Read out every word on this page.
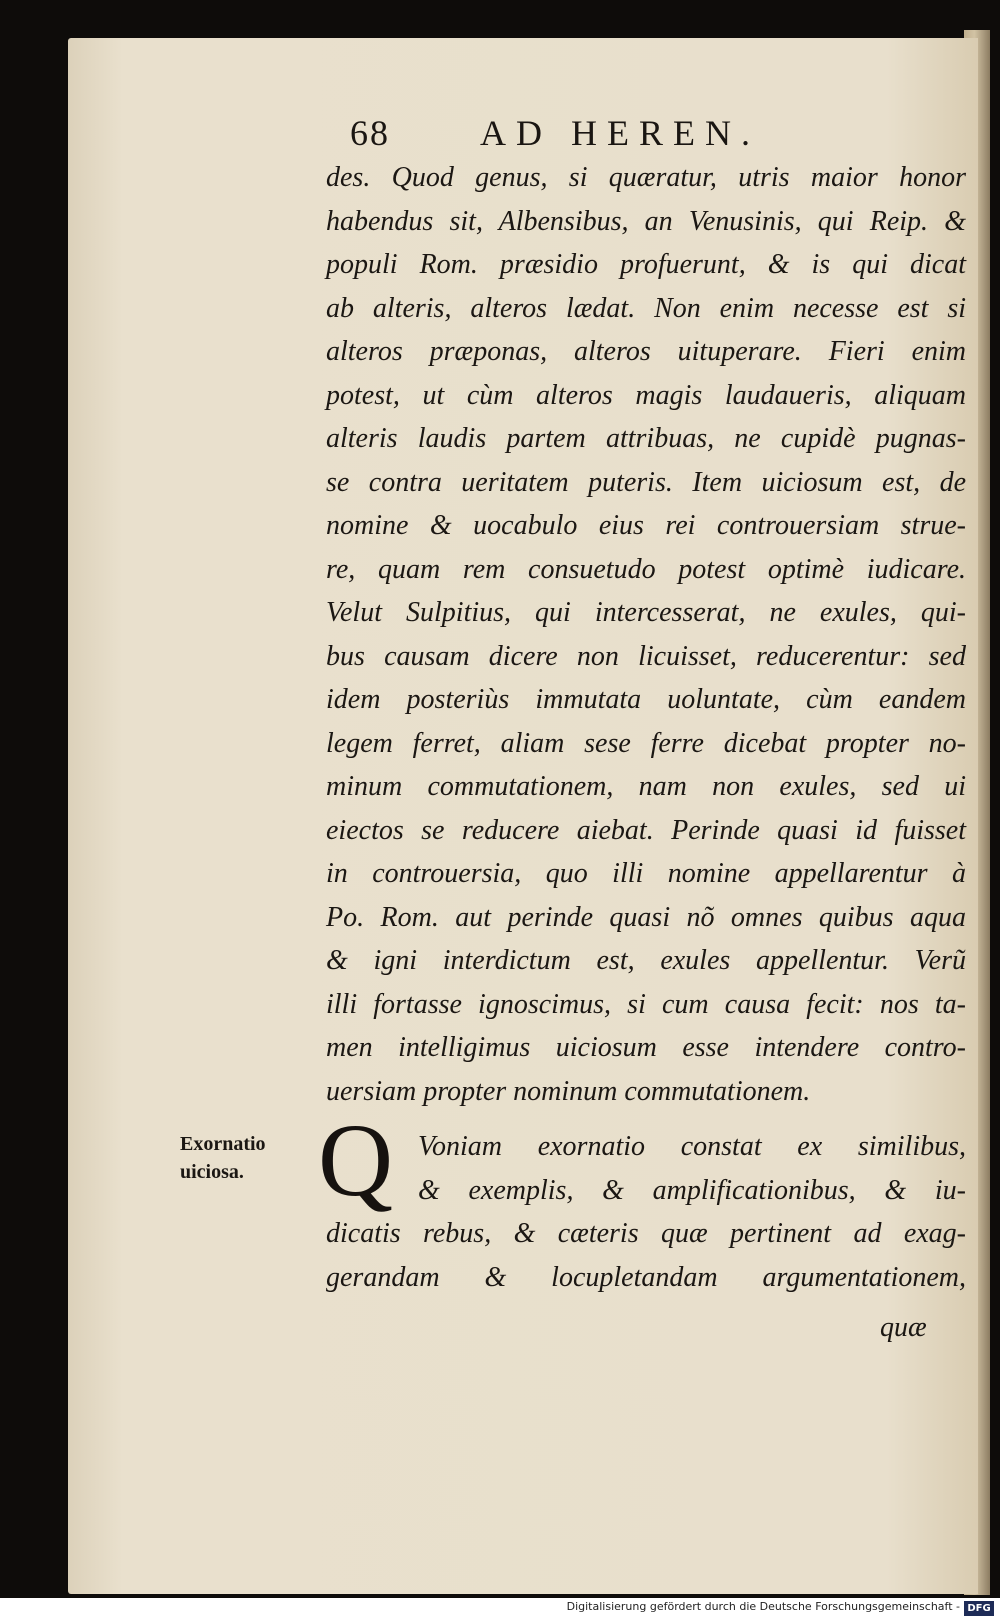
68	AD HEREN.
des. Quod genus, si quæratur, utris maior honor
habendus sit, Albensibus, an Venusinis, qui Reip. &
populi Rom. præsidio profuerunt, & is qui dicat
ab alteris, alteros lædat. Non enim necesse est si
alteros præponas, alteros uituperare. Fieri enim
potest, ut cùm alteros magis laudaueris, aliquam
alteris laudis partem attribuas, ne cupidè pugnas-
se contra ueritatem puteris. Item uiciosum est, de
nomine & uocabulo eius rei controuersiam strue-
re, quam rem consuetudo potest optimè iudicare.
Velut Sulpitius, qui intercesserat, ne exules, qui-
bus causam dicere non licuisset, reducerentur: sed
idem posteriùs immutata uoluntate, cùm eandem
legem ferret, aliam sese ferre dicebat propter no-
minum commutationem, nam non exules, sed ui
eiectos se reducere aiebat. Perinde quasi id fuisset
in controuersia, quo illi nomine appellarentur à
Po. Rom. aut perinde quasi nõ omnes quibus aqua
& igni interdictum est, exules appellentur. Verũ
illi fortasse ignoscimus, si cum causa fecit: nos ta-
men intelligimus uiciosum esse intendere contro-
uersiam propter nominum commutationem.
Exornatio
uiciosa. Q Voniam exornatio constat ex similibus,
& exemplis, & amplificationibus, & iu-
dicatis rebus, & cæteris quæ pertinent ad exag-
gerandam & locupletandam argumentationem,
quæ
Digitalisierung gefördert durch die Deutsche Forschungsgemeinschaft - DFG
